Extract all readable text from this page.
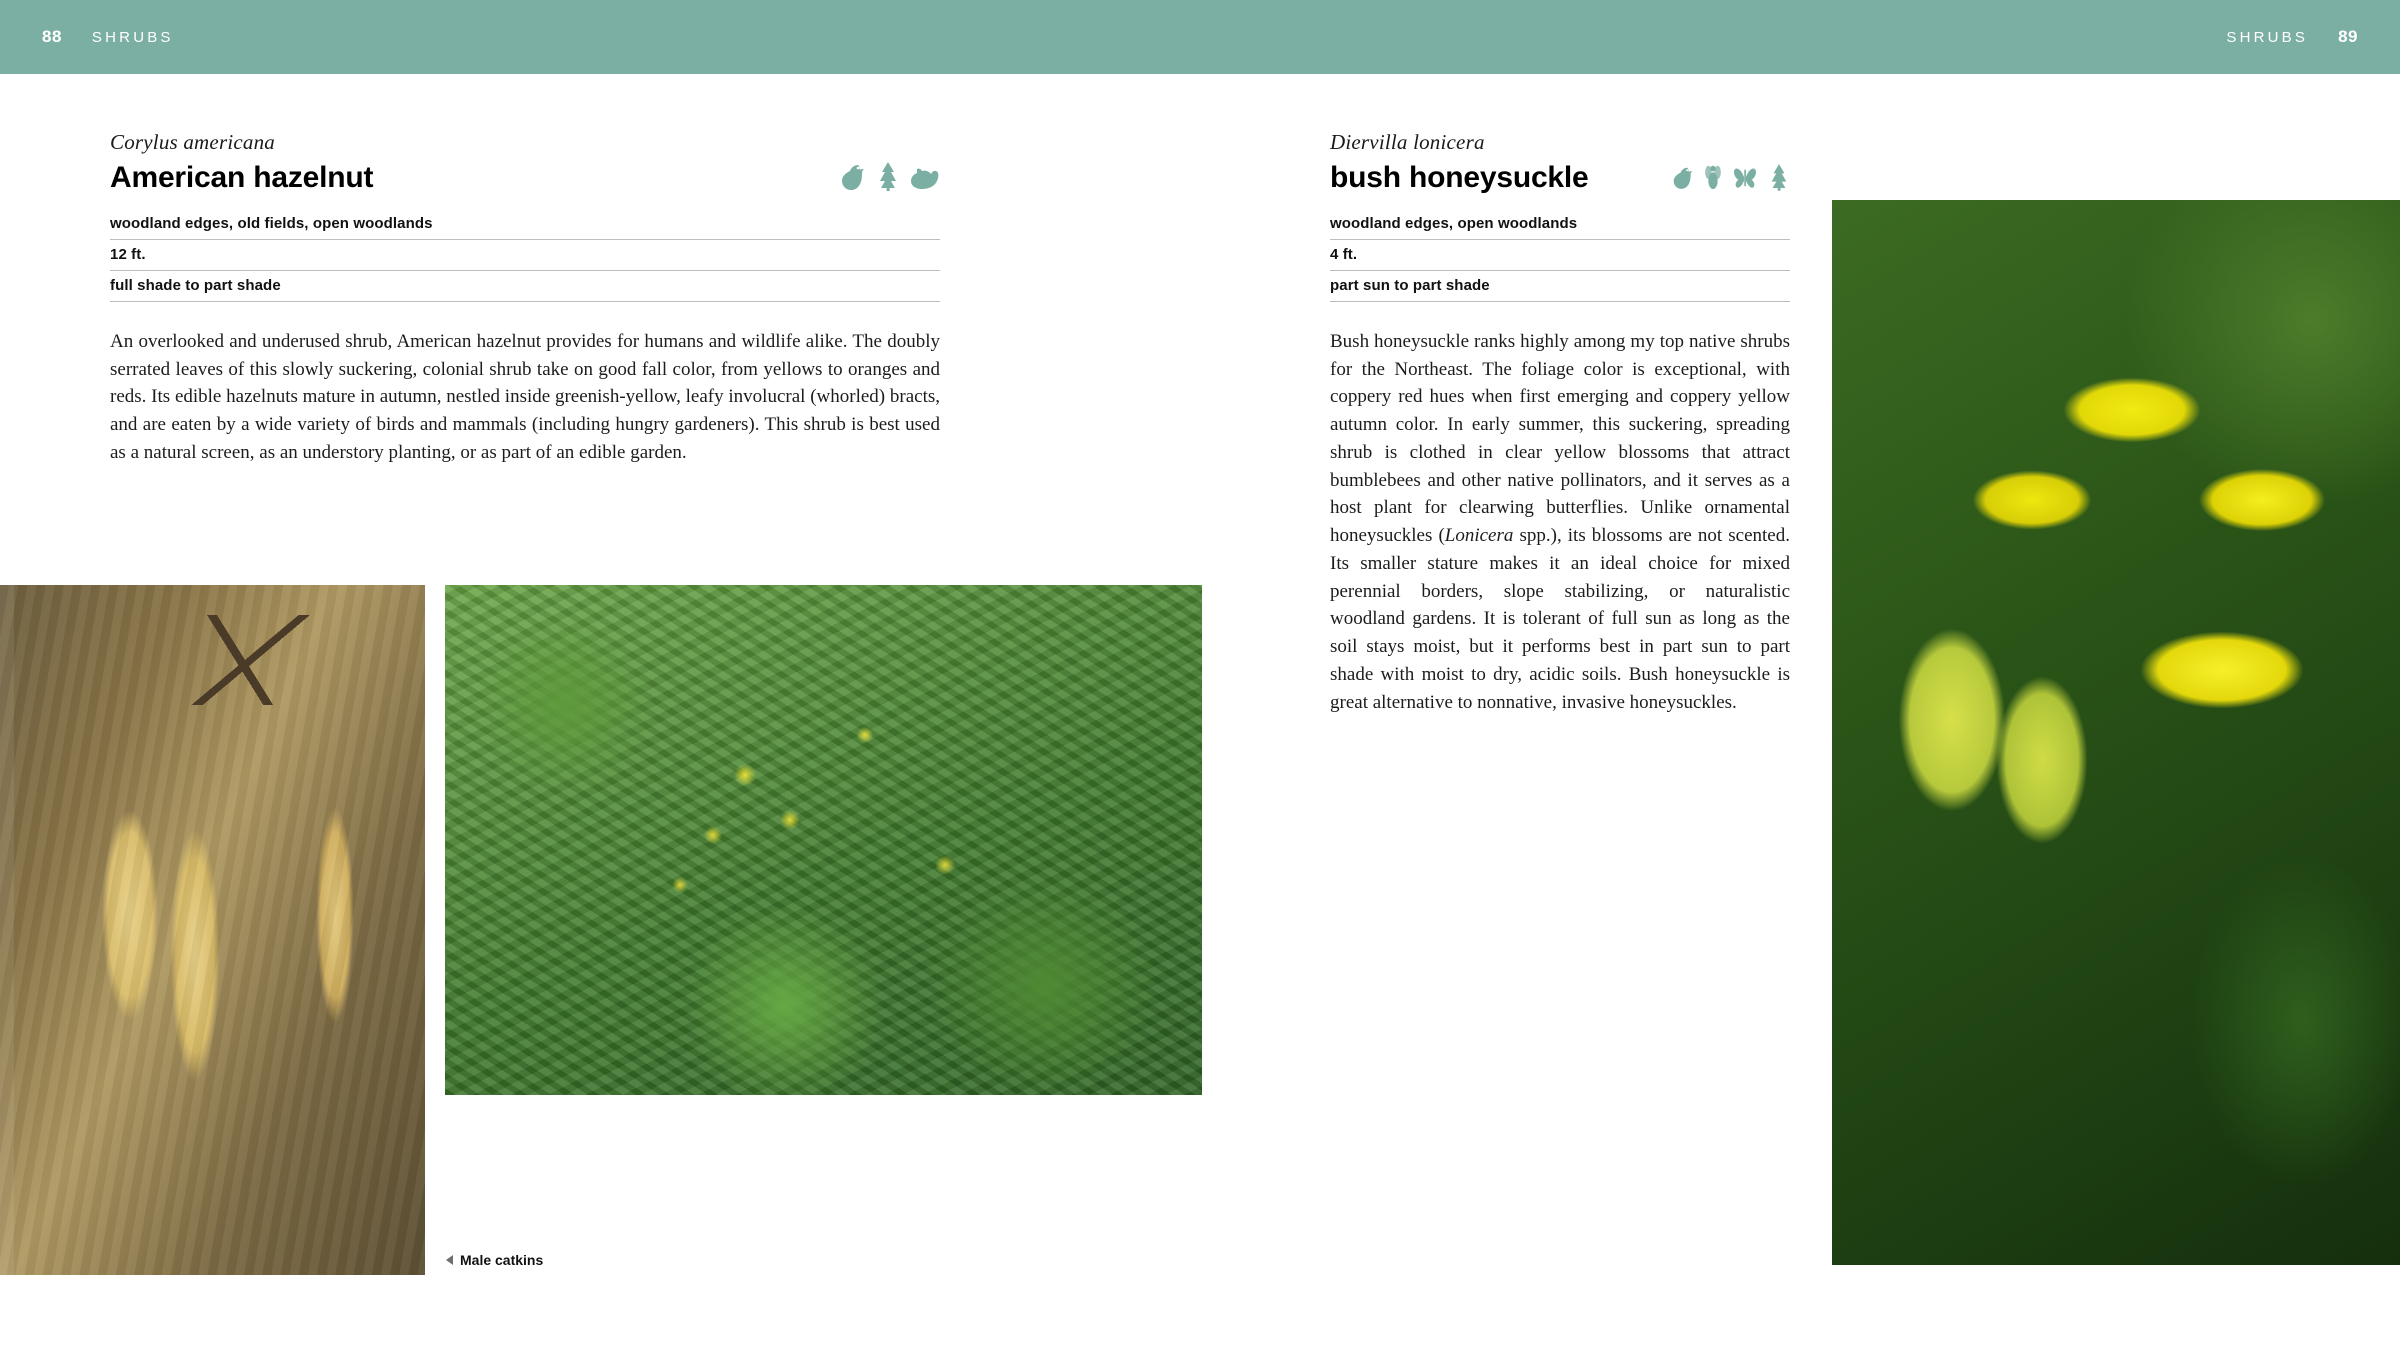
88 SHRUBS	SHRUBS 89
Corylus americana
American hazelnut
woodland edges, old fields, open woodlands
12 ft.
full shade to part shade

An overlooked and underused shrub, American hazelnut provides for humans and wildlife alike. The doubly serrated leaves of this slowly suckering, colonial shrub take on good fall color, from yellows to oranges and reds. Its edible hazelnuts mature in autumn, nestled inside greenish-yellow, leafy involucral (whorled) bracts, and are eaten by a wide variety of birds and mammals (including hungry gardeners). This shrub is best used as a natural screen, as an understory planting, or as part of an edible garden.

Diervilla lonicera
bush honeysuckle
woodland edges, open woodlands
4 ft.
part sun to part shade

Bush honeysuckle ranks highly among my top native shrubs for the Northeast. The foliage color is exceptional, with coppery red hues when first emerging and coppery yellow autumn color. In early summer, this suckering, spreading shrub is clothed in clear yellow blossoms that attract bumblebees and other native pollinators, and it serves as a host plant for clearwing butterflies. Unlike ornamental honeysuckles (Lonicera spp.), its blossoms are not scented. Its smaller stature makes it an ideal choice for mixed perennial borders, slope stabilizing, or naturalistic woodland gardens. It is tolerant of full sun as long as the soil stays moist, but it performs best in part sun to part shade with moist to dry, acidic soils. Bush honeysuckle is great alternative to nonnative, invasive honeysuckles.

Male catkins
